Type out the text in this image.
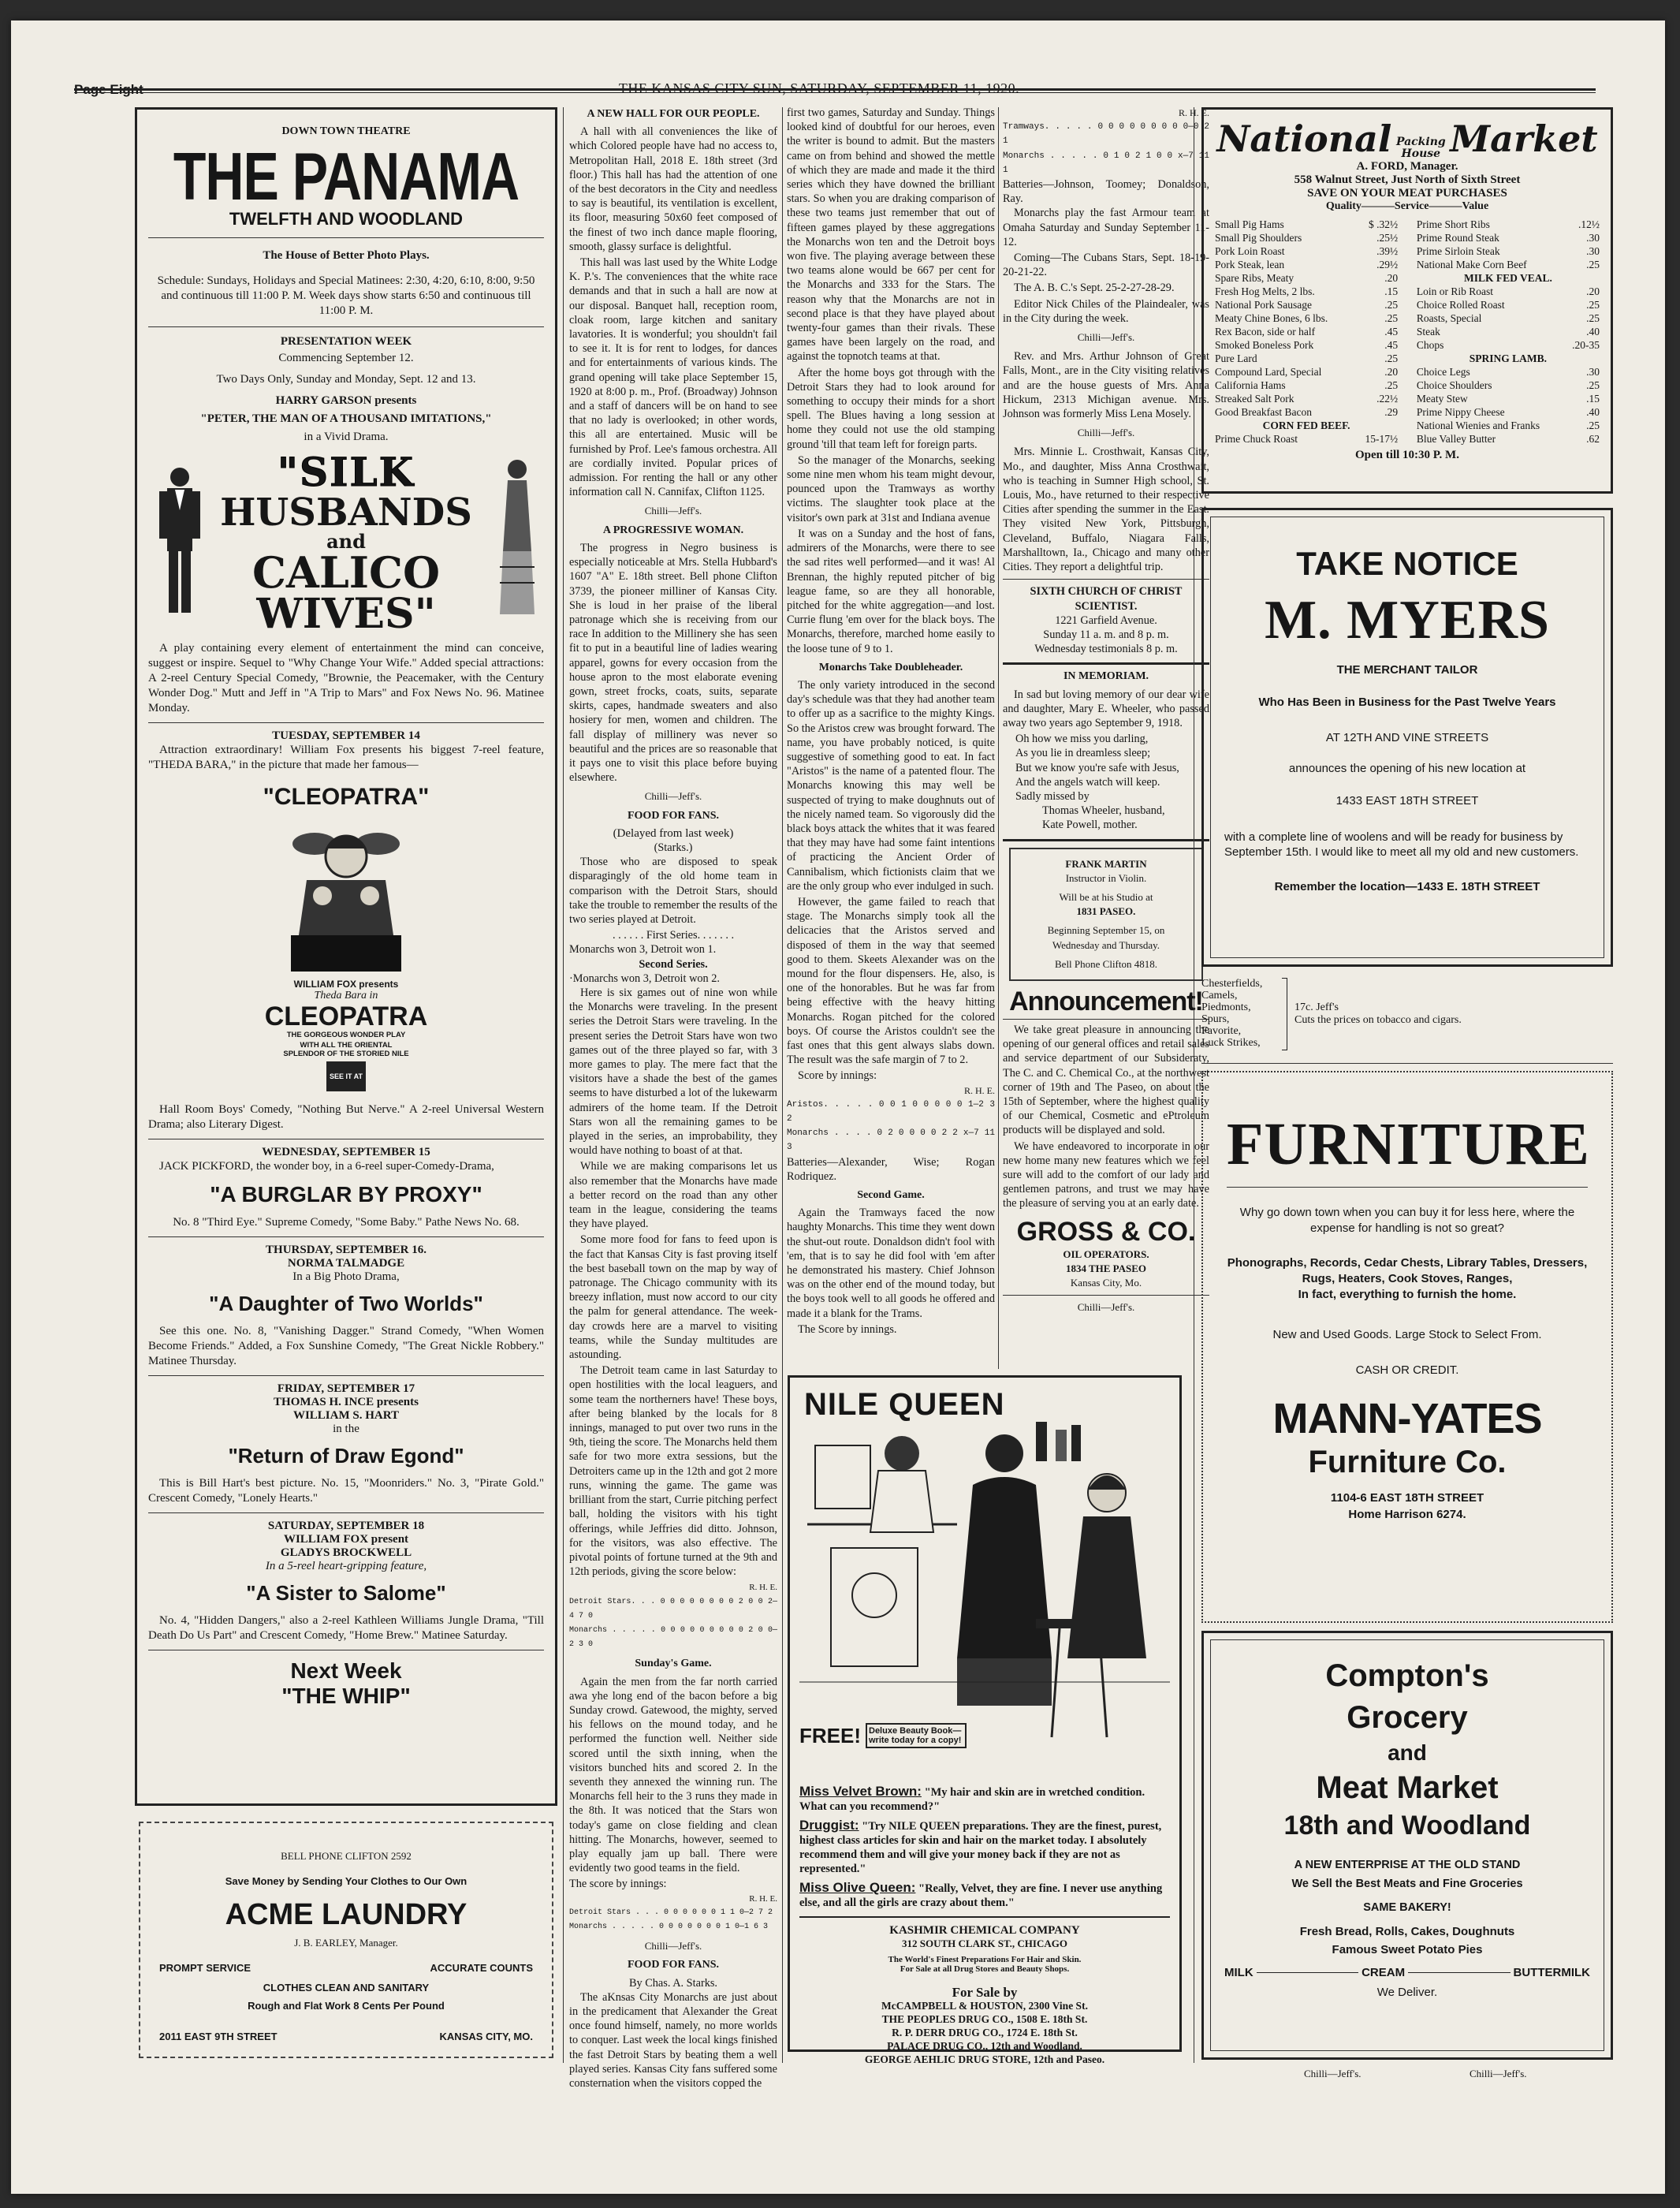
Page Eight	THE KANSAS CITY SUN, SATURDAY, SEPTEMBER 11, 1920.
DOWN TOWN THEATRE
THE PANAMA
TWELFTH AND WOODLAND
The House of Better Photo Plays.
Schedule: Sundays, Holidays and Special Matinees: 2:30, 4:20, 6:10, 8:00, 9:50 and continuous till 11:00 P. M. Week days show starts 6:50 and continuous till 11:00 P. M.
PRESENTATION WEEK
Commencing September 12.
Two Days Only, Sunday and Monday, Sept. 12 and 13.
HARRY GARSON presents
"PETER, THE MAN OF A THOUSAND IMITATIONS,"
in a Vivid Drama.
"SILK
HUSBANDS
and
CALICO
WIVES"
A play containing every element of entertainment the mind can conceive, suggest or inspire. Sequel to "Why Change Your Wife." Added special attractions: A 2-reel Century Special Comedy, "Brownie, the Peacemaker, with the Century Wonder Dog." Mutt and Jeff in "A Trip to Mars" and Fox News No. 96. Matinee Monday.
TUESDAY, SEPTEMBER 14
Attraction extraordinary! William Fox presents his biggest 7-reel feature, "THEDA BARA," in the picture that made her famous—
"CLEOPATRA"
WILLIAM FOX presents
Theda Bara in
CLEOPATRA
THE GORGEOUS WONDER PLAY
WITH ALL THE ORIENTAL SPLENDOR OF THE STORIED NILE
SEE IT AT
Hall Room Boys' Comedy, "Nothing But Nerve." A 2-reel Universal Western Drama; also Literary Digest.
WEDNESDAY, SEPTEMBER 15
JACK PICKFORD, the wonder boy, in a 6-reel super-Comedy-Drama,
"A BURGLAR BY PROXY"
No. 8 "Third Eye." Supreme Comedy, "Some Baby." Pathe News No. 68.
THURSDAY, SEPTEMBER 16.
NORMA TALMADGE
In a Big Photo Drama,
"A Daughter of Two Worlds"
See this one. No. 8, "Vanishing Dagger." Strand Comedy, "When Women Become Friends." Added, a Fox Sunshine Comedy, "The Great Nickle Robbery." Matinee Thursday.
FRIDAY, SEPTEMBER 17
THOMAS H. INCE presents
WILLIAM S. HART
in the
"Return of Draw Egond"
This is Bill Hart's best picture. No. 15, "Moonriders." No. 3, "Pirate Gold." Crescent Comedy, "Lonely Hearts."
SATURDAY, SEPTEMBER 18
WILLIAM FOX present
GLADYS BROCKWELL
In a 5-reel heart-gripping feature,
"A Sister to Salome"
No. 4, "Hidden Dangers," also a 2-reel Kathleen Williams Jungle Drama, "Till Death Do Us Part" and Crescent Comedy, "Home Brew." Matinee Saturday.
Next Week
"THE WHIP"
BELL PHONE CLIFTON 2592
Save Money by Sending Your Clothes to Our Own
ACME LAUNDRY
J. B. EARLEY, Manager.
PROMPT SERVICE	ACCURATE COUNTS
CLOTHES CLEAN AND SANITARY
Rough and Flat Work 8 Cents Per Pound
2011 EAST 9TH STREET	KANSAS CITY, MO.
A NEW HALL FOR OUR PEOPLE.

A hall with all conveniences the like of which Colored people have had no access to, Metropolitan Hall, 2018 E. 18th street (3rd floor.) This hall has had the attention of one of the best decorators in the City and needless to say is beautiful, its ventilation is excellent, its floor, measuring 50x60 feet composed of the finest of two inch dance maple flooring, smooth, glassy surface is delightful.

This hall was last used by the White Lodge K. P.'s. The conveniences that the white race demands and that in such a hall are now at our disposal. Banquet hall, reception room, cloak room, large kitchen and sanitary lavatories. It is wonderful; you shouldn't fail to see it. It is for rent to lodges, for dances and for entertainments of various kinds. The grand opening will take place September 15, 1920 at 8:00 p. m., Prof. (Broadway) Johnson and a staff of dancers will be on hand to see that no lady is overlooked; in other words, this all are entertained. Music will be furnished by Prof. Lee's famous orchestra. All are cordially invited. Popular prices of admission. For renting the hall or any other information call N. Cannifax, Clifton 1125.

Chilli—Jeff's.
A PROGRESSIVE WOMAN.

The progress in Negro business is especially noticeable at Mrs. Stella Hubbard's 1607 "A" E. 18th street. Bell phone Clifton 3739, the pioneer milliner of Kansas City. She is loud in her praise of the liberal patronage which she is receiving from our race In addition to the Millinery she has seen fit to put in a beautiful line of ladies wearing apparel, gowns for every occasion from the house apron to the most elaborate evening gown, street frocks, coats, suits, separate skirts, capes, handmade sweaters and also hosiery for men, women and children. The fall display of millinery was never so beautiful and the prices are so reasonable that it pays one to visit this place before buying elsewhere.

Chilli—Jeff's.
FOOD FOR FANS.
(Delayed from last week)
(Starks.)

Those who are disposed to speak disparagingly of the old home team in comparison with the Detroit Stars, should take the trouble to remember the results of the two series played at Detroit.

. . . . . . First Series. . . . . . .
Monarchs won 3, Detroit won 1.
Second Series.
·Monarchs won 3, Detroit won 2.

Here is six games out of nine won while the Monarchs were traveling. In the present series the Detroit Stars were traveling. In the present series the Detroit Stars have won two games out of the three played so far, with 3 more games to play. The mere fact that the visitors have a shade the best of the games seems to have disturbed a lot of the lukewarm admirers of the home team. If the Detroit Stars won all the remaining games to be played in the series, an improbability, they would have nothing to boast of at that.

While we are making comparisons let us also remember that the Monarchs have made a better record on the road than any other team in the league, considering the teams they have played.

Some more food for fans to feed upon is the fact that Kansas City is fast proving itself the best baseball town on the map by way of patronage. The Chicago community with its breezy inflation, must now accord to our city the palm for general attendance. The week-day crowds here are a marvel to visiting teams, while the Sunday multitudes are astounding.

The Detroit team came in last Saturday to open hostilities with the local leaguers, and some team the northerners have! These boys, after being blanked by the locals for 8 innings, managed to put over two runs in the 9th, tieing the score. The Monarchs held them safe for two more extra sessions, but the Detroiters came up in the 12th and got 2 more runs, winning the game. The game was brilliant from the start, Currie pitching perfect ball, holding the visitors with his tight offerings, while Jeffries did ditto. Johnson, for the visitors, was also effective. The pivotal points of fortune turned at the 9th and 12th periods, giving the score below:

R. H. E.
Detroit Stars. . . 0 0 0 0 0 0 0 0 2 0 0 2—4 7 0
Monarchs . . . . . 0 0 0 0 0 0 0 0 0 2 0 0—2 3 0
Sunday's Game.

Again the men from the far north carried awa yhe long end of the bacon before a big Sunday crowd. Gatewood, the mighty, served his fellows on the mound today, and he performed the function well. Neither side scored until the sixth inning, when the visitors bunched hits and scored 2. In the seventh they annexed the winning run. The Monarchs fell heir to the 3 runs they made in the 8th. It was noticed that the Stars won today's game on close fielding and clean hitting. The Monarchs, however, seemed to play equally jam up ball. There were evidently two good teams in the field.

The score by innings:
R. H. E.
Detroit Stars . . . 0 0 0 0 0 0 1 1 0—2 7 2
Monarchs . . . . . 0 0 0 0 0 0 0 1 0—1 6 3
Chilli—Jeff's.
FOOD FOR FANS.
By Chas. A. Starks.

The aKnsas City Monarchs are just about in the predicament that Alexander the Great once found himself, namely, no more worlds to conquer. Last week the local kings finished the fast Detroit Stars by beating them a well played series. Kansas City fans suffered some consternation when the visitors copped the

first two games, Saturday and Sunday. Things looked kind of doubtful for our heroes, even the writer is bound to admit. But the masters came on from behind and showed the mettle of which they are made and made it the third series which they have downed the brilliant stars. So when you are draking comparison of these two teams just remember that out of fifteen games played by these aggregations the Monarchs won ten and the Detroit boys won five. The playing average between these two teams alone would be 667 per cent for the Monarchs and 333 for the Stars. The reason why that the Monarchs are not in second place is that they have played about twenty-four games than their rivals. These games have been largely on the road, and against the topnotch teams at that.

After the home boys got through with the Detroit Stars they had to look around for something to occupy their minds for a short spell. The Blues having a long session at home they could not use the old stamping ground 'till that team left for foreign parts.

So the manager of the Monarchs, seeking some nine men whom his team might devour, pounced upon the Tramways as worthy victims. The slaughter took place at the visitor's own park at 31st and Indiana avenue

It was on a Sunday and the host of fans, admirers of the Monarchs, were there to see the sad rites well performed—and it was! Al Brennan, the highly reputed pitcher of big league fame, so are they all honorable, pitched for the white aggregation—and lost. Currie flung 'em over for the black boys. The Monarchs, therefore, marched home easily to the loose tune of 9 to 1.

Monarchs Take Doubleheader.

The only variety introduced in the second day's schedule was that they had another team to offer up as a sacrifice to the mighty Kings. So the Aristos crew was brought forward. The name, you have probably noticed, is quite suggestive of something good to eat. In fact "Aristos" is the name of a patented flour. The Monarchs knowing this may well be suspected of trying to make doughnuts out of the nicely named team. So vigorously did the black boys attack the whites that it was feared that they may have had some faint intentions of practicing the Ancient Order of Cannibalism, which fictionists claim that we are the only group who ever indulged in such.

However, the game failed to reach that stage. The Monarchs simply took all the delicacies that the Aristos served and disposed of them in the way that seemed good to them. Skeets Alexander was on the mound for the flour dispensers. He, also, is one of the honorables. But he was far from being effective with the heavy hitting Monarchs. Rogan pitched for the colored boys. Of course the Aristos couldn't see the fast ones that this gent always slabs down. The result was the safe margin of 7 to 2.

Score by innings:
R. H. E.
Aristos. . . . . 0 0 1 0 0 0 0 0 1—2 3 2
Monarchs . . . . 0 2 0 0 0 0 2 2 x—7 11 3
Batteries—Alexander, Wise; Rogan Rodriquez.
Second Game.

Again the Tramways faced the now haughty Monarchs. This time they went down the shut-out route. Donaldson didn't fool with 'em, that is to say he did fool with 'em after he demonstrated his mastery. Chief Johnson was on the other end of the mound today, but the boys took well to all goods he offered and made it a blank for the Trams.

The Score by innings.
R. H. E.
Tramways. . . . . 0 0 0 0 0 0 0 0 0—0 2 1
Monarchs . . . . . 0 1 0 2 1 0 0 x—7 11 1
Batteries—Johnson, Toomey; Donaldson, Ray.

Monarchs play the fast Armour team at Omaha Saturday and Sunday September 11-12.

Coming—The Cubans Stars, Sept. 18-19-20-21-22.

The A. B. C.'s Sept. 25-2-27-28-29.

Editor Nick Chiles of the Plaindealer, was in the City during the week.

Chilli—Jeff's.

Rev. and Mrs. Arthur Johnson of Great Falls, Mont., are in the City visiting relatives and are the house guests of Mrs. Anna Hickum, 2313 Michigan avenue. Mrs. Johnson was formerly Miss Lena Mosely.

Chilli—Jeff's.

Mrs. Minnie L. Crosthwait, Kansas City, Mo., and daughter, Miss Anna Crosthwait, who is teaching in Sumner High school, St. Louis, Mo., have returned to their respective Cities after spending the summer in the East. They visited New York, Pittsburgh, Cleveland, Buffalo, Niagara Falls, Marshalltown, Ia., Chicago and many other Cities. They report a delightful trip.

SIXTH CHURCH OF CHRIST
SCIENTIST.
1221 Garfield Avenue.
Sunday 11 a. m. and 8 p. m.
Wednesday testimonials 8 p. m.
IN MEMORIAM.

In sad but loving memory of our dear wife and daughter, Mary E. Wheeler, who passed away two years ago September 9, 1918.

Oh how we miss you darling,
As you lie in dreamless sleep;
But we know you're safe with Jesus,
And the angels watch will keep.
Sadly missed by
Thomas Wheeler, husband,
Kate Powell, mother.
FRANK MARTIN
Instructor in Violin.
Will be at his Studio at
1831 PASEO.
Beginning September 15, on
Wednesday and Thursday.
Bell Phone Clifton 4818.
Announcement!

We take great pleasure in announcing the opening of our general offices and retail sales and service department of our Subsideraty, The C. and C. Chemical Co., at the northwest corner of 19th and The Paseo, on about the 15th of September, where the highest quality of our Chemical, Cosmetic and ePtroleum products will be displayed and sold.

We have endeavored to incorporate in our new home many new features which we feel sure will add to the comfort of our lady and gentlemen patrons, and trust we may have the pleasure of serving you at an early date.

GROSS & CO.
OIL OPERATORS.
1834 THE PASEO
Kansas City, Mo.
Chilli—Jeff's.
NILE QUEEN
FREE! Deluxe Beauty Book—write today for a copy!
Miss Velvet Brown: "My hair and skin are in wretched condition. What can you recommend?"
Druggist: "Try NILE QUEEN preparations. They are the finest, purest, highest class articles for skin and hair on the market today. I absolutely recommend them and will give your money back if they are not as represented."
Miss Olive Queen: "Really, Velvet, they are fine. I never use anything else, and all the girls are crazy about them."
KASHMIR CHEMICAL COMPANY
312 SOUTH CLARK ST., CHICAGO
The World's Finest Preparations For Hair and Skin.
For Sale at all Drug Stores and Beauty Shops.
For Sale by
McCAMPBELL & HOUSTON, 2300 Vine St.
THE PEOPLES DRUG CO., 1508 E. 18th St.
R. P. DERR DRUG CO., 1724 E. 18th St.
PALACE DRUG CO., 12th and Woodland.
GEORGE AEHLIC DRUG STORE, 12th and Paseo.
National Packing
House Market
A. FORD, Manager.
558 Walnut Street, Just North of Sixth Street
SAVE ON YOUR MEAT PURCHASES
Quality———Service———Value
Small Pig Hams	$ .32½
Small Pig Shoulders	.25½
Pork Loin Roast	.39½
Pork Steak, lean	.29½
Spare Ribs, Meaty	.20
Fresh Hog Melts, 2 lbs.	.15
National Pork Sausage	.25
Meaty Chine Bones, 6 lbs.	.25
Rex Bacon, side or half	.45
Smoked Boneless Pork	.45
Pure Lard	.25
Compound Lard, Special	.20
California Hams	.25
Streaked Salt Pork	.22½
Good Breakfast Bacon	.29
CORN FED BEEF.	
Prime Chuck Roast	15-17½
Prime Short Ribs	.12½
Prime Round Steak	.30
Prime Sirloin Steak	.30
National Make Corn Beef	.25
MILK FED VEAL.	
Loin or Rib Roast	.20
Choice Rolled Roast	.25
Roasts, Special	.25
Steak	.40
Chops	.20-35
SPRING LAMB.	
Choice Legs	.30
Choice Shoulders	.25
Meaty Stew	.15
Prime Nippy Cheese	.40
National Wienies and Franks	.25
Blue Valley Butter	.62
Open till 10:30 P. M.
TAKE NOTICE
M. MYERS
THE MERCHANT TAILOR
Who Has Been in Business for the Past Twelve Years
AT 12TH AND VINE STREETS
announces the opening of his new location at
1433 EAST 18TH STREET
with a complete line of woolens and will be ready for business by September 15th. I would like to meet all my old and new customers.
Remember the location—1433 E. 18TH STREET
Chesterfields,
Camels,
Piedmonts,
Spurs,
Favorite,
Luck Strikes,
17c. Jeff's
Cuts the prices on tobacco and cigars.
FURNITURE
Why go down town when you can buy it for less here, where the expense for handling is not so great?
Phonographs, Records, Cedar Chests, Library Tables, Dressers, Rugs, Heaters, Cook Stoves, Ranges,
In fact, everything to furnish the home.
New and Used Goods. Large Stock to Select From.
CASH OR CREDIT.
MANN-YATES
Furniture Co.
1104-6 EAST 18TH STREET
Home Harrison 6274.
Compton's
Grocery
and
Meat Market
18th and Woodland
A NEW ENTERPRISE AT THE OLD STAND
We Sell the Best Meats and Fine Groceries
SAME BAKERY!
Fresh Bread, Rolls, Cakes, Doughnuts
Famous Sweet Potato Pies
MILK	CREAM	BUTTERMILK
We Deliver.
Chilli—Jeff's.	Chilli—Jeff's.
